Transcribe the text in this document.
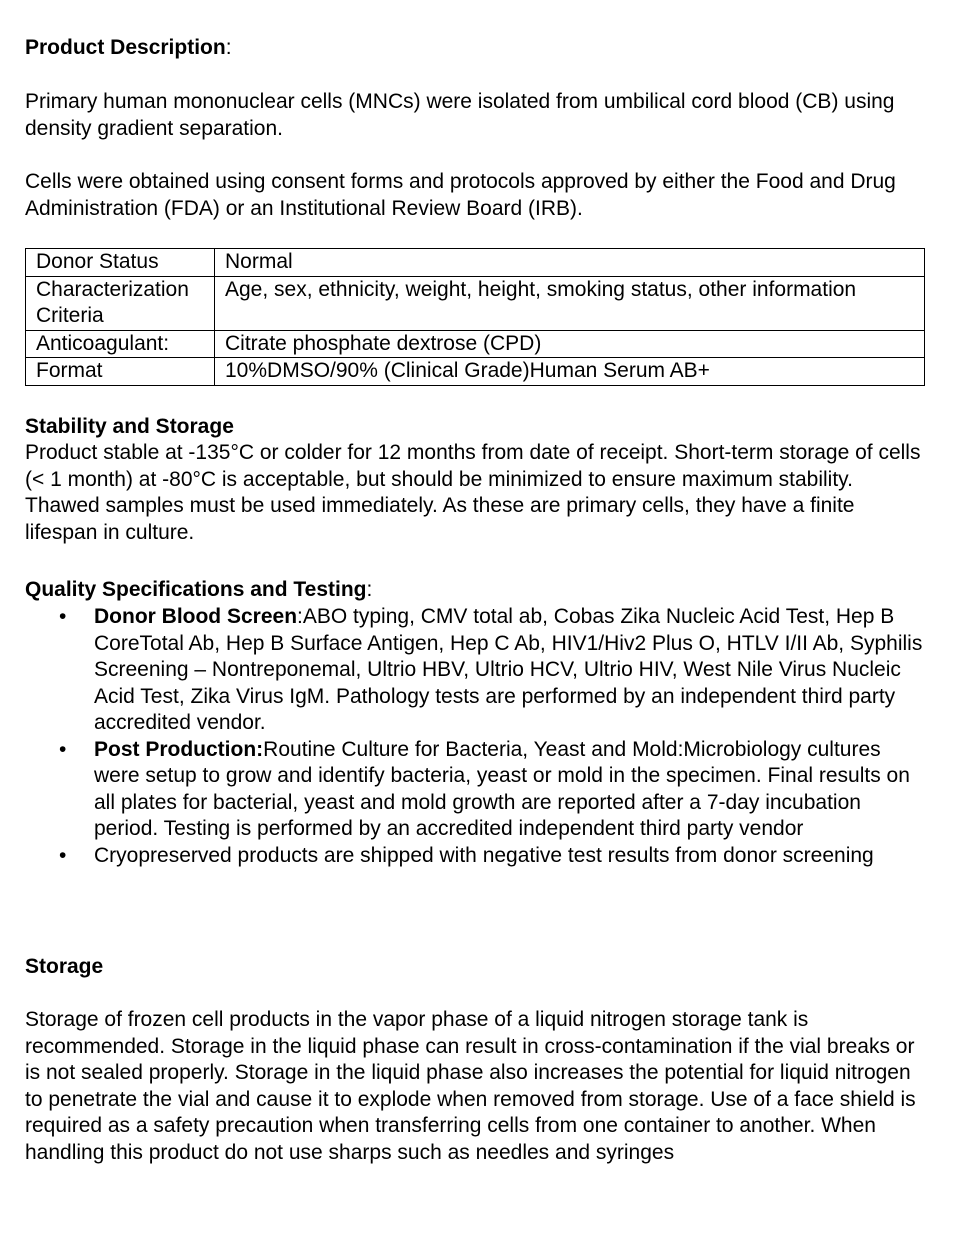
Product Description:

Primary human mononuclear cells (MNCs) were isolated from umbilical cord blood (CB) using density gradient separation.

Cells were obtained using consent forms and protocols approved by either the Food and Drug Administration (FDA) or an Institutional Review Board (IRB).

Donor Status	Normal
Characterization Criteria	Age, sex, ethnicity, weight, height, smoking status, other information
Anticoagulant:	Citrate phosphate dextrose (CPD)
Format	10%DMSO/90% (Clinical Grade)Human Serum AB+
Stability and Storage

Product stable at -135°C or colder for 12 months from date of receipt. Short-term storage of cells (< 1 month) at -80°C is acceptable, but should be minimized to ensure maximum stability. Thawed samples must be used immediately. As these are primary cells, they have a finite lifespan in culture.

Quality Specifications and Testing:
• Donor Blood Screen:ABO typing, CMV total ab, Cobas Zika Nucleic Acid Test, Hep B CoreTotal Ab, Hep B Surface Antigen, Hep C Ab, HIV1/Hiv2 Plus O, HTLV I/II Ab, Syphilis Screening – Nontreponemal, Ultrio HBV, Ultrio HCV, Ultrio HIV, West Nile Virus Nucleic Acid Test, Zika Virus IgM. Pathology tests are performed by an independent third party accredited vendor.
• Post Production:Routine Culture for Bacteria, Yeast and Mold:Microbiology cultures were setup to grow and identify bacteria, yeast or mold in the specimen. Final results on all plates for bacterial, yeast and mold growth are reported after a 7-day incubation period. Testing is performed by an accredited independent third party vendor
• Cryopreserved products are shipped with negative test results from donor screening
Storage

Storage of frozen cell products in the vapor phase of a liquid nitrogen storage tank is recommended. Storage in the liquid phase can result in cross-contamination if the vial breaks or is not sealed properly. Storage in the liquid phase also increases the potential for liquid nitrogen to penetrate the vial and cause it to explode when removed from storage. Use of a face shield is required as a safety precaution when transferring cells from one container to another. When handling this product do not use sharps such as needles and syringes
